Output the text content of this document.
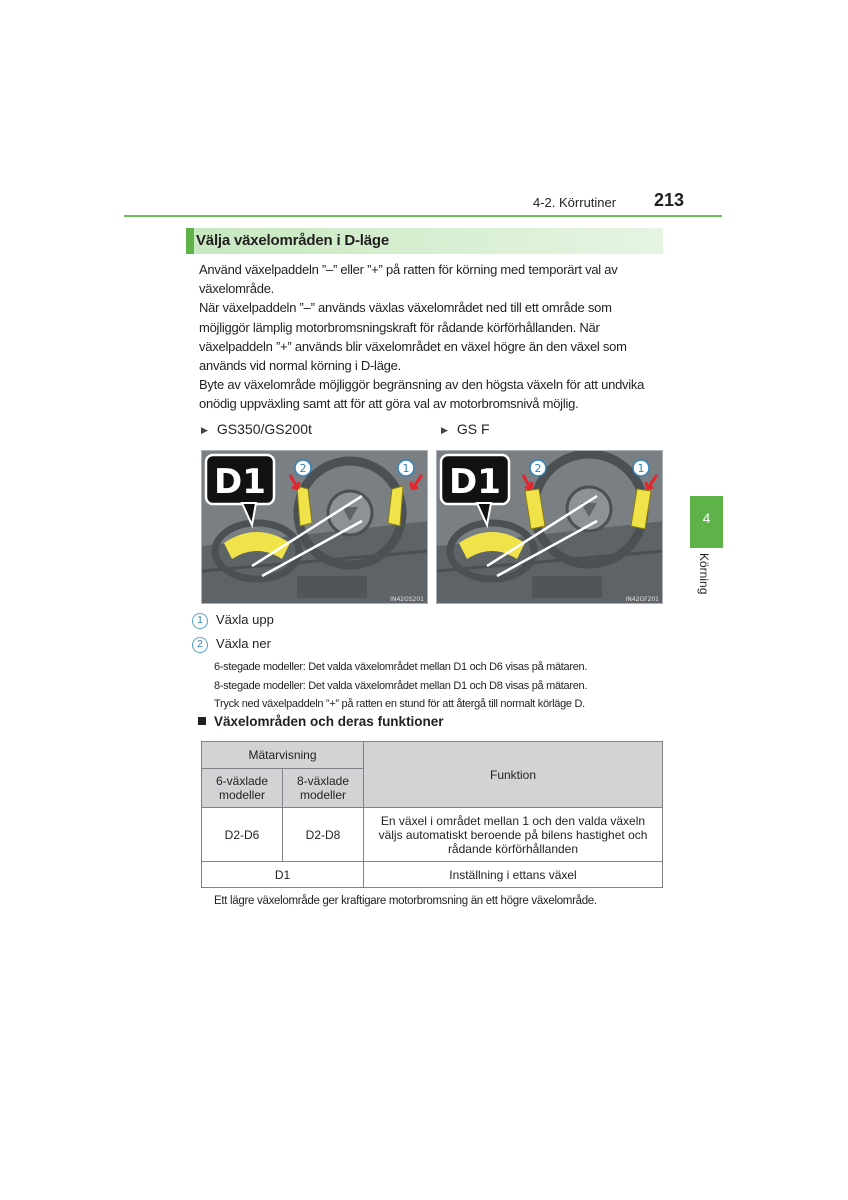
4-2. Körrutiner 213
Välja växelområden i D-läge

Använd växelpaddeln ”–” eller ”+” på ratten för körning med temporärt val av växelområde.

När växelpaddeln ”–” används växlas växelområdet ned till ett område som möjliggör lämplig motorbromsningskraft för rådande körförhållanden. När växelpaddeln ”+” används blir växelområdet en växel högre än den växel som används vid normal körning i D-läge.

Byte av växelområde möjliggör begränsning av den högsta växeln för att undvika onödig uppväxling samt att för att göra val av motorbromsnivå möjlig.

▶ GS350/GS200t	▶ GS F
D1	2	1
IN42GS201
D1	2	1
IN42GF201
1 Växla upp
2 Växla ner
6-stegade modeller: Det valda växelområdet mellan D1 och D6 visas på mätaren.
8-stegade modeller: Det valda växelområdet mellan D1 och D8 visas på mätaren.
Tryck ned växelpaddeln ”+” på ratten en stund för att återgå till normalt körläge D.
Växelområden och deras funktioner
Mätarvisning		Funktion
6-växlade modeller	8-växlade modeller	
D2-D6	D2-D8	En växel i området mellan 1 och den valda växeln väljs automatiskt beroende på bilens hastighet och rådande körförhållanden
D1		Inställning i ettans växel
Ett lägre växelområde ger kraftigare motorbromsning än ett högre växelområde.
4
Körning
